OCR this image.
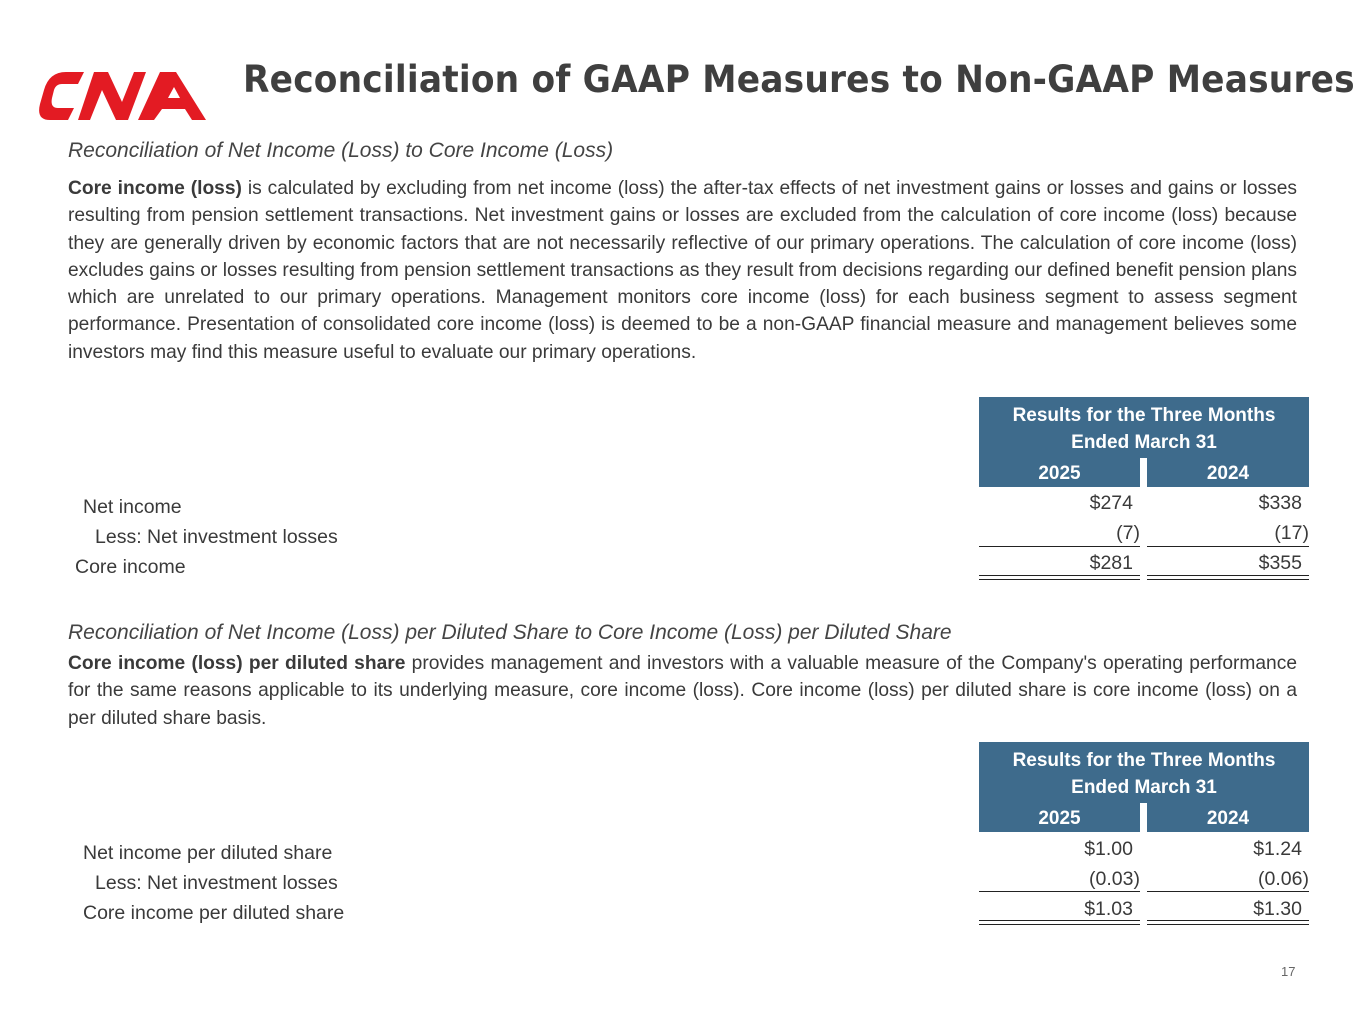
Reconciliation of GAAP Measures to Non-GAAP Measures
Reconciliation of Net Income (Loss) to Core Income (Loss)

Core income (loss) is calculated by excluding from net income (loss) the after-tax effects of net investment gains or losses and gains or losses resulting from pension settlement transactions. Net investment gains or losses are excluded from the calculation of core income (loss) because they are generally driven by economic factors that are not necessarily reflective of our primary operations. The calculation of core income (loss) excludes gains or losses resulting from pension settlement transactions as they result from decisions regarding our defined benefit pension plans which are unrelated to our primary operations. Management monitors core income (loss) for each business segment to assess segment performance. Presentation of consolidated core income (loss) is deemed to be a non-GAAP financial measure and management believes some investors may find this measure useful to evaluate our primary operations.

Results for the Three Months
Ended March 31
2025	2024
Net income	$274	$338
Less: Net investment losses	(7)	(17)
Core income	$281	$355
Reconciliation of Net Income (Loss) per Diluted Share to Core Income (Loss) per Diluted Share

Core income (loss) per diluted share provides management and investors with a valuable measure of the Company's operating performance for the same reasons applicable to its underlying measure, core income (loss). Core income (loss) per diluted share is core income (loss) on a per diluted share basis.

Results for the Three Months
Ended March 31
2025	2024
Net income per diluted share	$1.00	$1.24
Less: Net investment losses	(0.03)	(0.06)
Core income per diluted share	$1.03	$1.30
17
